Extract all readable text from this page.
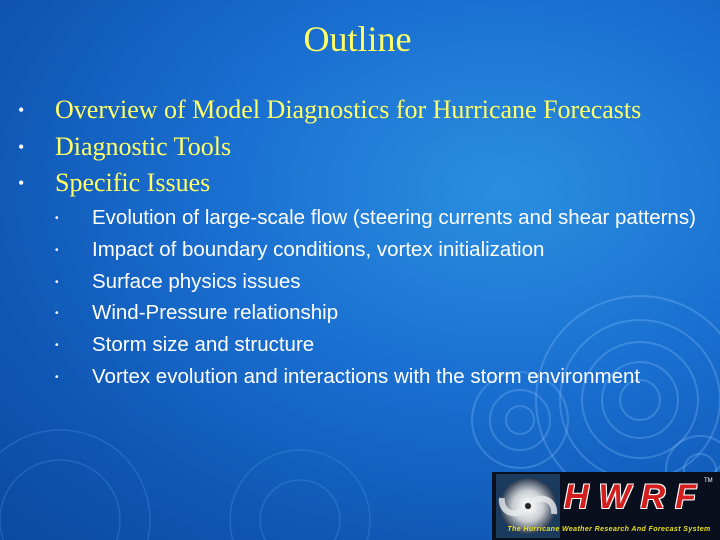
Outline
• Overview of Model Diagnostics for Hurricane Forecasts
• Diagnostic Tools
• Specific Issues
• Evolution of large-scale flow (steering currents and shear patterns)
• Impact of boundary conditions, vortex initialization
• Surface physics issues
• Wind-Pressure relationship
• Storm size and structure
• Vortex evolution and interactions with the storm environment
HWRF
TM
The Hurricane Weather Research And Forecast System
